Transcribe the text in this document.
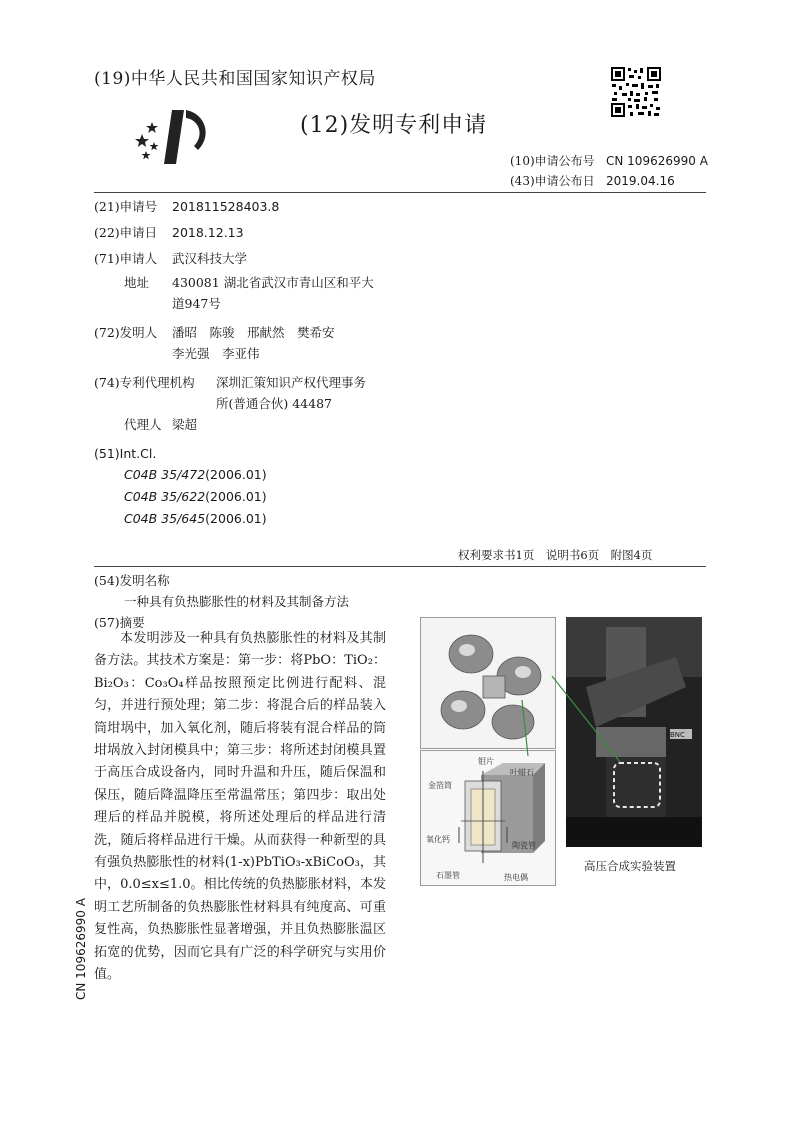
(19)中华人民共和国国家知识产权局
(12)发明专利申请
(10)申请公布号 CN 109626990 A
(43)申请公布日 2019.04.16
(21)申请号 201811528403.8
(22)申请日 2018.12.13
(71)申请人 武汉科技大学
地址 430081 湖北省武汉市青山区和平大
道947号
(72)发明人 潘昭　陈骏　邢献然　樊希安
李光强　李亚伟
(74)专利代理机构 深圳汇策知识产权代理事务
所(普通合伙) 44487
代理人 梁超
(51)Int.Cl.
C04B 35/472(2006.01)
C04B 35/622(2006.01)
C04B 35/645(2006.01)
权利要求书1页　说明书6页　附图4页
(54)发明名称
一种具有负热膨胀性的材料及其制备方法
(57)摘要

本发明涉及一种具有负热膨胀性的材料及其制备方法。其技术方案是：第一步：将PbO：TiO₂：Bi₂O₃：Co₃O₄样品按照预定比例进行配料、混匀，并进行预处理；第二步：将混合后的样品装入筒坩埚中，加入氧化剂，随后将装有混合样品的筒坩埚放入封闭模具中；第三步：将所述封闭模具置于高压合成设备内，同时升温和升压，随后保温和保压，随后降温降压至常温常压；第四步：取出处理后的样品并脱模，将所述处理后的样品进行清洗，随后将样品进行干燥。从而获得一种新型的具有强负热膨胀性的材料(1-x)PbTiO₃-xBiCoO₃，其中，0.0≤x≤1.0。相比传统的负热膨胀材料，本发明工艺所制备的负热膨胀性材料具有纯度高、可重复性高，负热膨胀性显著增强，并且负热膨胀温区拓宽的优势，因而它具有广泛的科学研究与实用价值。

钼片
叶蜡石
金箔筒
氧化钙
陶瓷管
石墨管	热电偶
BNC
高压合成实验装置
CN 109626990 A
